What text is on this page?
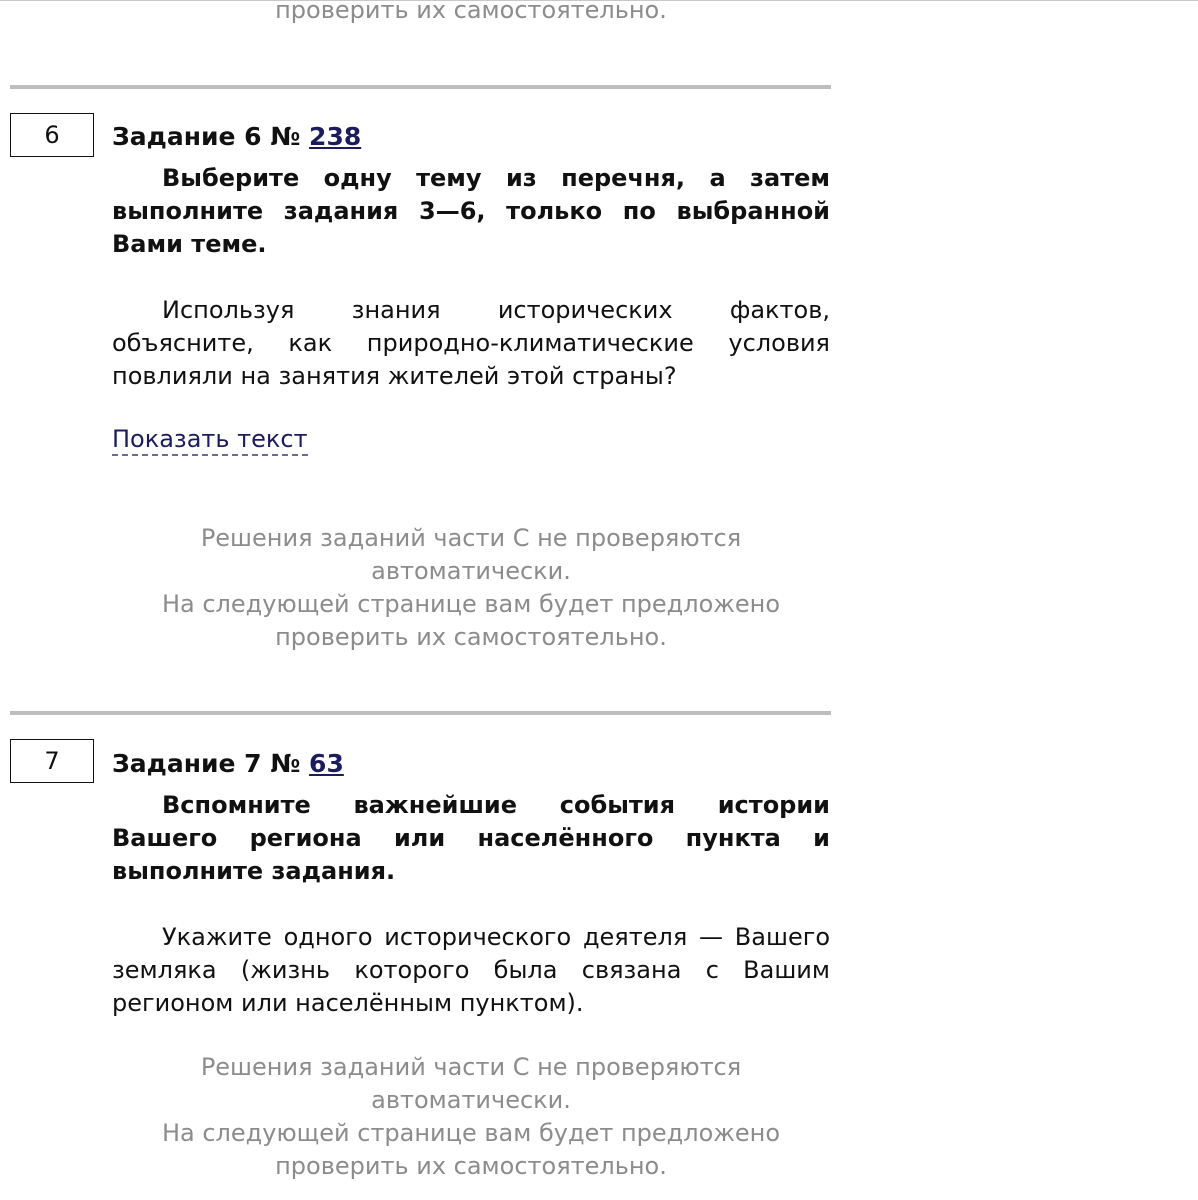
проверить их самостоятельно.
6	Задание 6 № 238

Выберите одну тему из перечня, а затем выполните задания 3—6, только по выбранной Вами теме.

Используя знания исторических фактов, объясните, как природно-климатические условия повлияли на занятия жителей этой страны?

Показать текст
Решения заданий части С не проверяются
автоматически.
На следующей странице вам будет предложено
проверить их самостоятельно.
7	Задание 7 № 63

Вспомните важнейшие события истории Вашего региона или населённого пункта и выполните задания.

Укажите одного исторического деятеля — Вашего земляка (жизнь которого была связана с Вашим регионом или населённым пунктом).

Решения заданий части С не проверяются
автоматически.
На следующей странице вам будет предложено
проверить их самостоятельно.
